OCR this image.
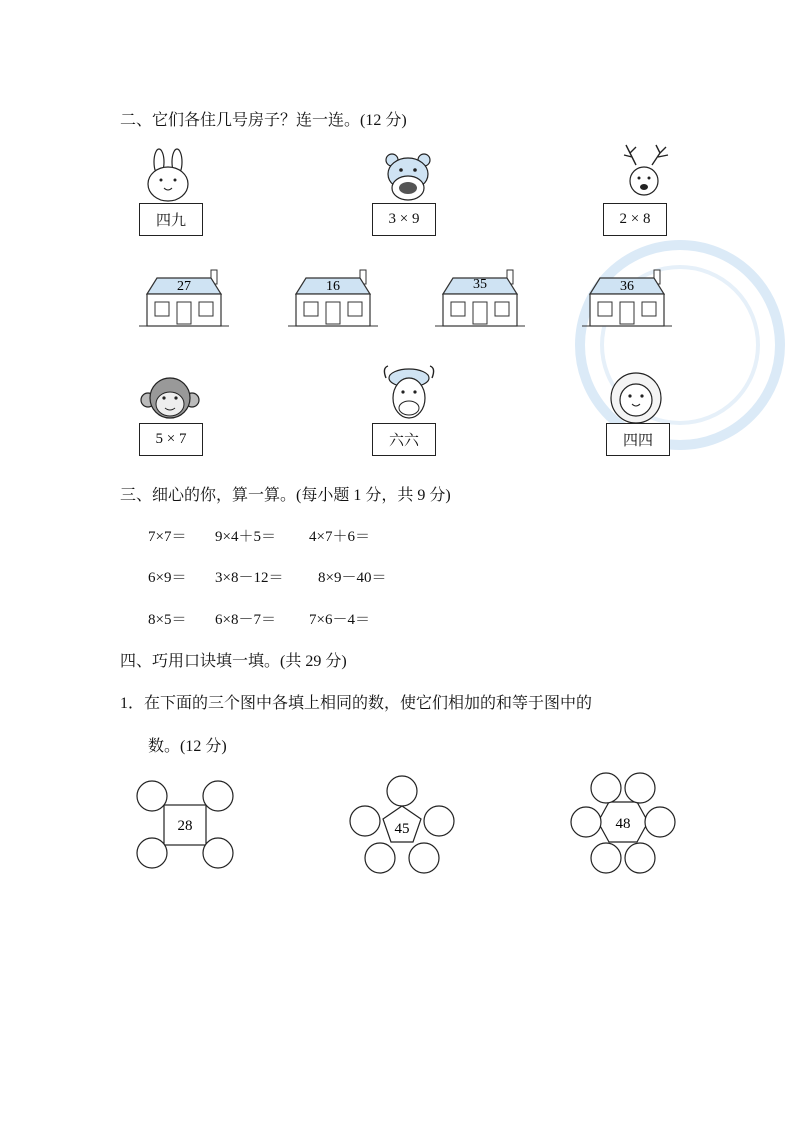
二、它们各住几号房子？连一连。(12 分)
四九	3 × 9	2 × 8
27	16	35	36
5 × 7	六六	四四
三、细心的你，算一算。(每小题 1 分，共 9 分)
7×7＝ 9×4＋5＝ 4×7＋6＝
6×9＝ 3×8－12＝ 8×9－40＝
8×5＝ 6×8－7＝ 7×6－4＝
四、巧用口诀填一填。(共 29 分)
1．在下面的三个图中各填上相同的数，使它们相加的和等于图中的
数。(12 分)
28	45	48
